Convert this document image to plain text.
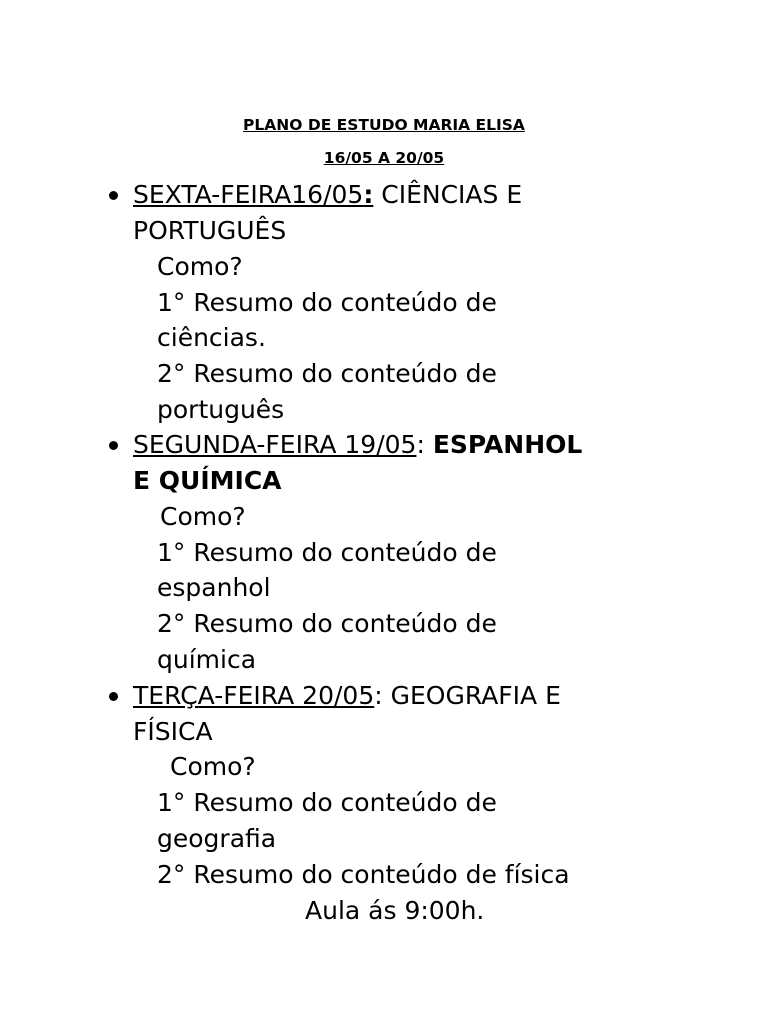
PLANO DE ESTUDO MARIA ELISA
16/05 A 20/05
SEXTA-FEIRA16/05: CIÊNCIAS E
PORTUGUÊS
Como?
1° Resumo do conteúdo de
ciências.
2° Resumo do conteúdo de
português
SEGUNDA-FEIRA 19/05: ESPANHOL
E QUÍMICA
Como?
1° Resumo do conteúdo de
espanhol
2° Resumo do conteúdo de
química
TERÇA-FEIRA 20/05: GEOGRAFIA E
FÍSICA
Como?
1° Resumo do conteúdo de
geografia
2° Resumo do conteúdo de física
Aula ás 9:00h.
